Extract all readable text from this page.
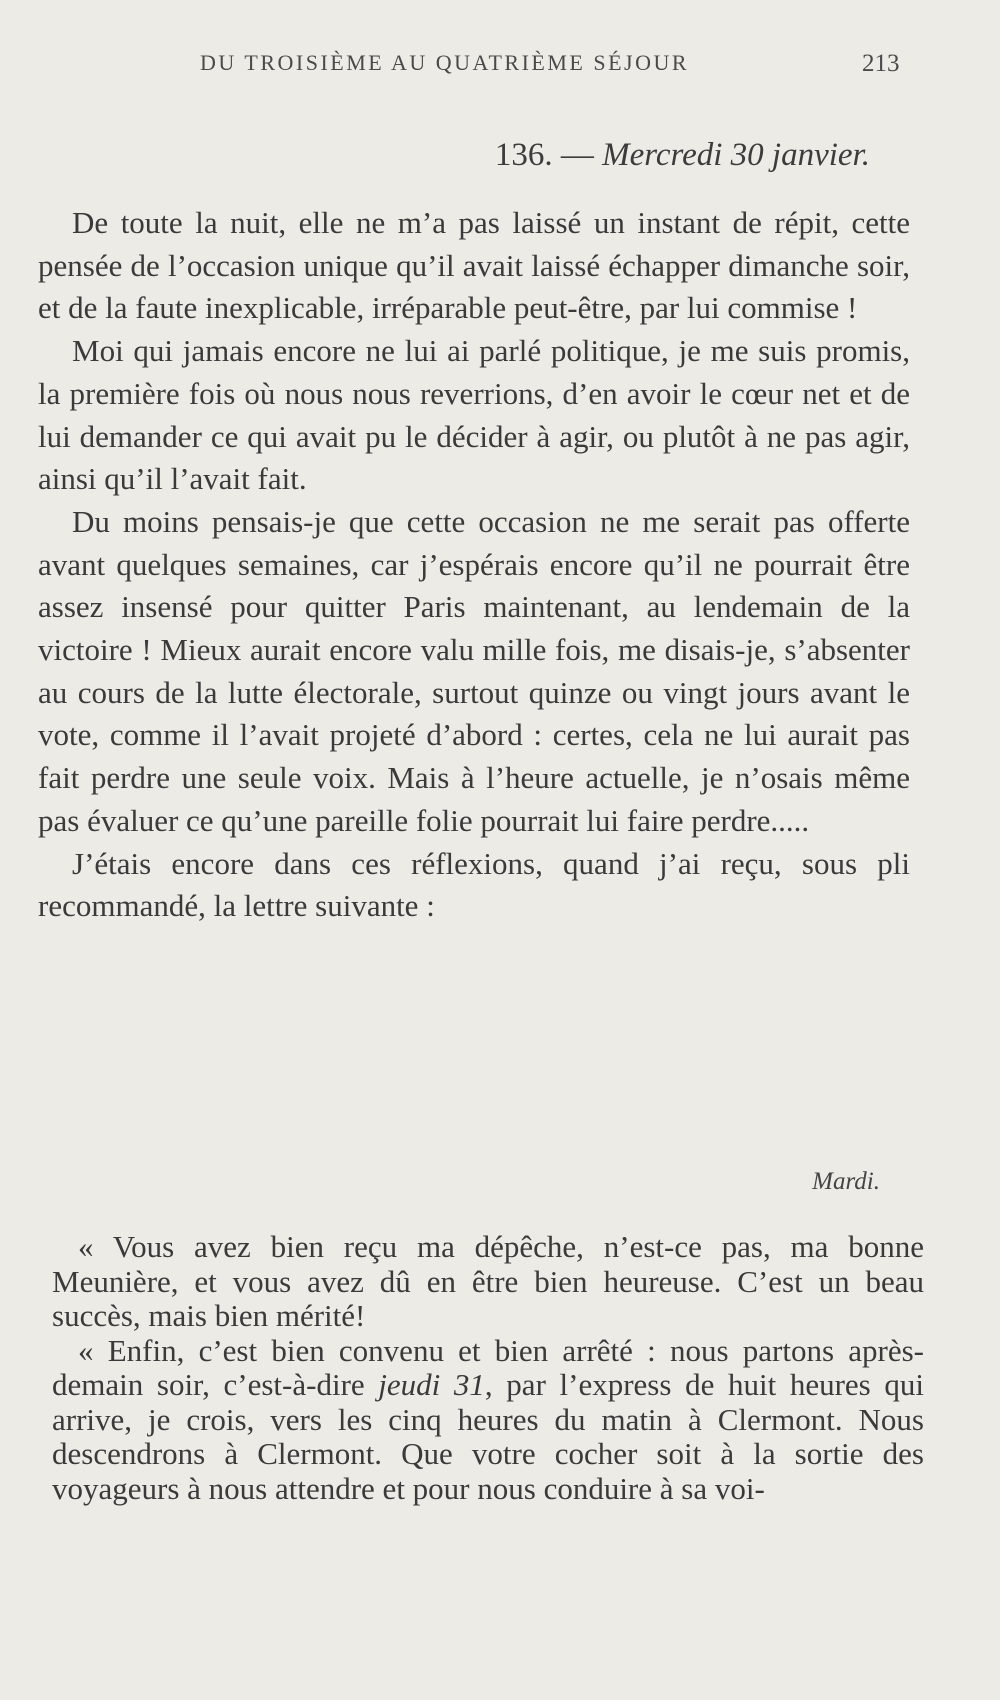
DU TROISIÈME AU QUATRIÈME SÉJOUR	213
136. — Mercredi 30 janvier.

De toute la nuit, elle ne m’a pas laissé un instant de répit, cette pensée de l’occasion unique qu’il avait laissé échapper dimanche soir, et de la faute inexplicable, irréparable peut-être, par lui commise !

Moi qui jamais encore ne lui ai parlé politique, je me suis promis, la première fois où nous nous reverrions, d’en avoir le cœur net et de lui demander ce qui avait pu le décider à agir, ou plutôt à ne pas agir, ainsi qu’il l’avait fait.

Du moins pensais-je que cette occasion ne me serait pas offerte avant quelques semaines, car j’espérais encore qu’il ne pourrait être assez insensé pour quitter Paris maintenant, au lendemain de la victoire ! Mieux aurait encore valu mille fois, me disais-je, s’absenter au cours de la lutte électorale, surtout quinze ou vingt jours avant le vote, comme il l’avait projeté d’abord : certes, cela ne lui aurait pas fait perdre une seule voix. Mais à l’heure actuelle, je n’osais même pas évaluer ce qu’une pareille folie pourrait lui faire perdre.....

J’étais encore dans ces réflexions, quand j’ai reçu, sous pli recommandé, la lettre suivante :

Mardi.

« Vous avez bien reçu ma dépêche, n’est-ce pas, ma bonne Meunière, et vous avez dû en être bien heureuse. C’est un beau succès, mais bien mérité!

« Enfin, c’est bien convenu et bien arrêté : nous partons après-demain soir, c’est-à-dire jeudi 31, par l’express de huit heures qui arrive, je crois, vers les cinq heures du matin à Clermont. Nous descendrons à Clermont. Que votre cocher soit à la sortie des voyageurs à nous attendre et pour nous conduire à sa voi-
